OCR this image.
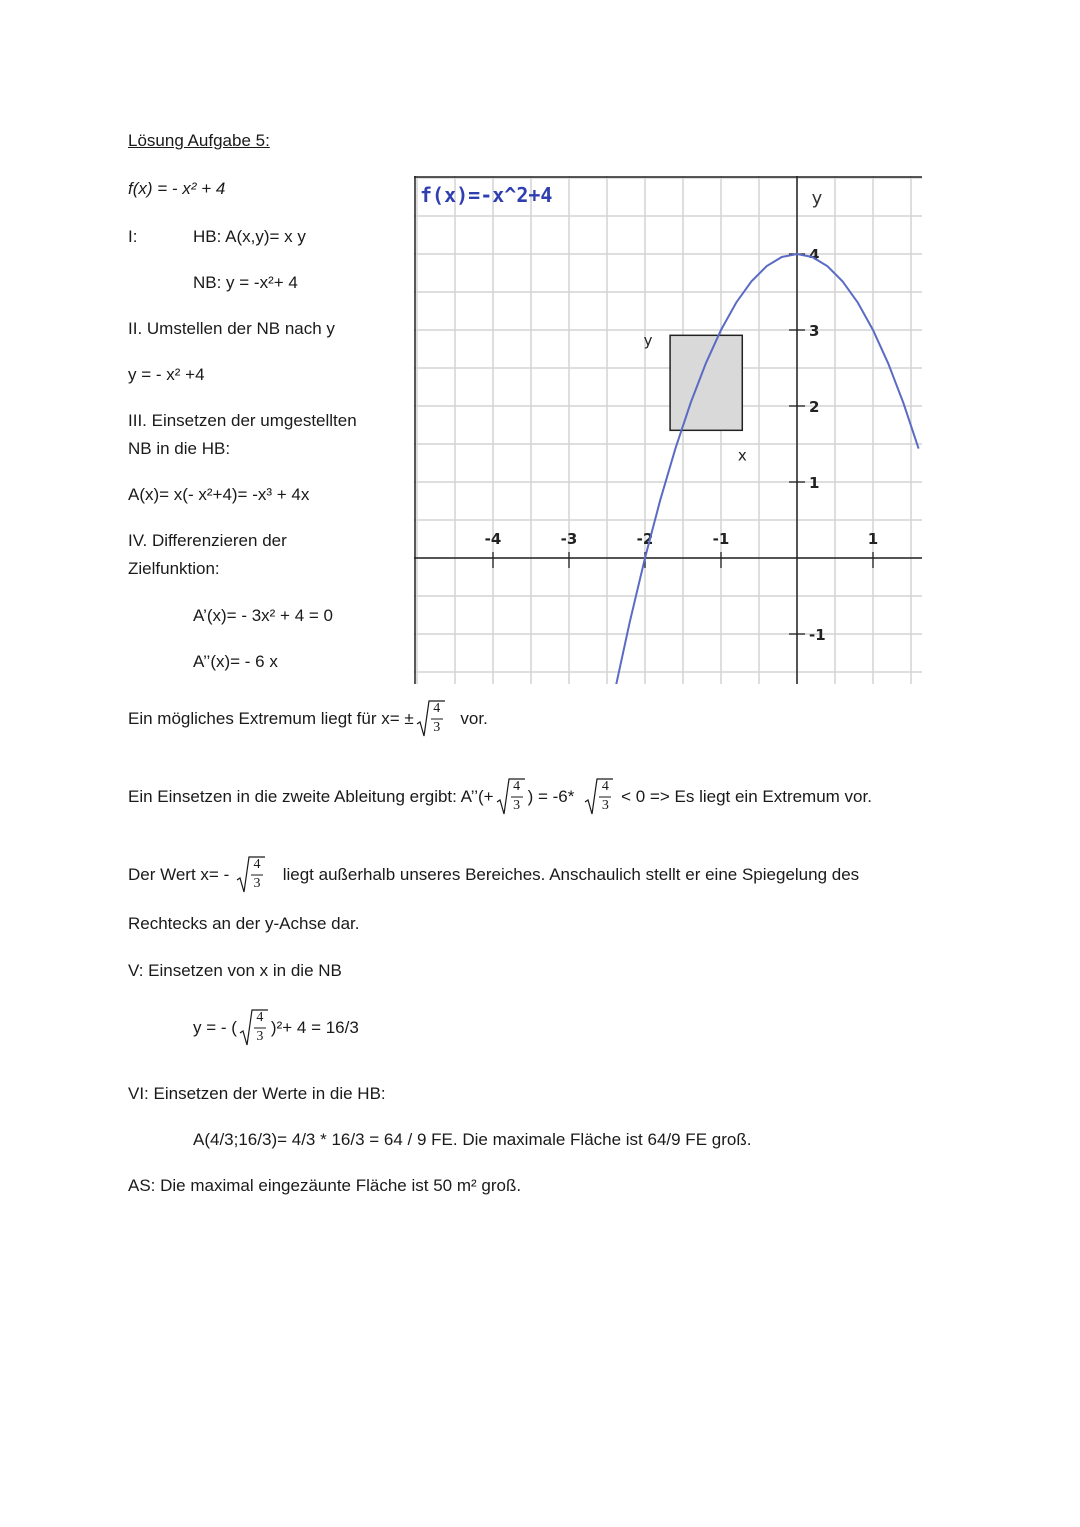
Lösung Aufgabe 5:
f(x) = - x² + 4
I:	HB: A(x,y)= x y
NB: y = -x²+ 4
II. Umstellen der NB nach y
y = - x² +4
III. Einsetzen der umgestellten
NB in die HB:
A(x)= x(- x²+4)= -x³ + 4x
IV. Differenzieren der
Zielfunktion:
A’(x)= - 3x² + 4 = 0
A’’(x)= - 6 x
Ein mögliches Extremum liegt für x= ±
4
3 vor.
Ein Einsetzen in die zweite Ableitung ergibt: A’’(+
4
3 ) = -6*
4
3 < 0 => Es liegt ein Extremum vor.
Der Wert x= -
4
3 liegt außerhalb unseres Bereiches. Anschaulich stellt er eine Spiegelung des
Rechtecks an der y-Achse dar.
V: Einsetzen von x in die NB
y = - (
4
3 )²+ 4 = 16/3
VI: Einsetzen der Werte in die HB:
A(4/3;16/3)= 4/3 * 16/3 = 64 / 9 FE. Die maximale Fläche ist 64/9 FE groß.
AS: Die maximal eingezäunte Fläche ist 50 m² groß.
-4	-3	-2	-1	1
4
3
2
1
-1
y
f(x)=-x^2+4
y
x
